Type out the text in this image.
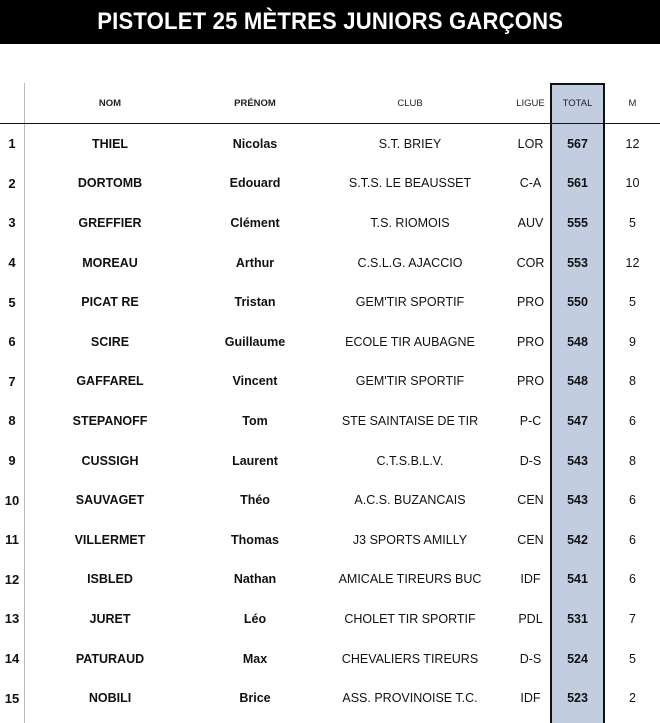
PISTOLET 25 MÈTRES JUNIORS GARÇONS
NOM	PRÉNOM	CLUB	LIGUE	TOTAL	M
1	THIEL	Nicolas	S.T. BRIEY	LOR	567	12
2	DORTOMB	Edouard	S.T.S. LE BEAUSSET	C-A	561	10
3	GREFFIER	Clément	T.S. RIOMOIS	AUV	555	5
4	MOREAU	Arthur	C.S.L.G. AJACCIO	COR	553	12
5	PICAT RE	Tristan	GEM'TIR SPORTIF	PRO	550	5
6	SCIRE	Guillaume	ECOLE TIR AUBAGNE	PRO	548	9
7	GAFFAREL	Vincent	GEM'TIR SPORTIF	PRO	548	8
8	STEPANOFF	Tom	STE SAINTAISE DE TIR	P-C	547	6
9	CUSSIGH	Laurent	C.T.S.B.L.V.	D-S	543	8
10	SAUVAGET	Théo	A.C.S. BUZANCAIS	CEN	543	6
11	VILLERMET	Thomas	J3 SPORTS AMILLY	CEN	542	6
12	ISBLED	Nathan	AMICALE TIREURS BUC	IDF	541	6
13	JURET	Léo	CHOLET TIR SPORTIF	PDL	531	7
14	PATURAUD	Max	CHEVALIERS TIREURS	D-S	524	5
15	NOBILI	Brice	ASS. PROVINOISE T.C.	IDF	523	2
